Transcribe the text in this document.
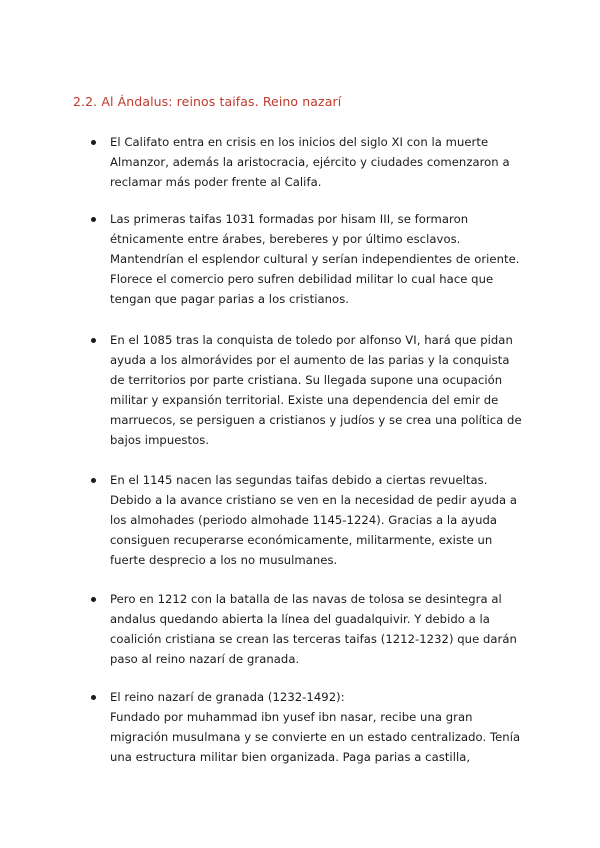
2.2. Al Ándalus: reinos taifas. Reino nazarí
El Califato entra en crisis en los inicios del siglo XI con la muerte
Almanzor, además la aristocracia, ejército y ciudades comenzaron a
reclamar más poder frente al Califa.
Las primeras taifas 1031 formadas por hisam III, se formaron
étnicamente entre árabes, bereberes y por último esclavos.
Mantendrían el esplendor cultural y serían independientes de oriente.
Florece el comercio pero sufren debilidad militar lo cual hace que
tengan que pagar parias a los cristianos.
En el 1085 tras la conquista de toledo por alfonso VI, hará que pidan
ayuda a los almorávides por el aumento de las parias y la conquista
de territorios por parte cristiana. Su llegada supone una ocupación
militar y expansión territorial. Existe una dependencia del emir de
marruecos, se persiguen a cristianos y judíos y se crea una política de
bajos impuestos.
En el 1145 nacen las segundas taifas debido a ciertas revueltas.
Debido a la avance cristiano se ven en la necesidad de pedir ayuda a
los almohades (periodo almohade 1145-1224). Gracias a la ayuda
consiguen recuperarse económicamente, militarmente, existe un
fuerte desprecio a los no musulmanes.
Pero en 1212 con la batalla de las navas de tolosa se desintegra al
andalus quedando abierta la línea del guadalquivir. Y debido a la
coalición cristiana se crean las terceras taifas (1212-1232) que darán
paso al reino nazarí de granada.
El reino nazarí de granada (1232-1492):
Fundado por muhammad ibn yusef ibn nasar, recibe una gran
migración musulmana y se convierte en un estado centralizado. Tenía
una estructura militar bien organizada. Paga parias a castilla,
